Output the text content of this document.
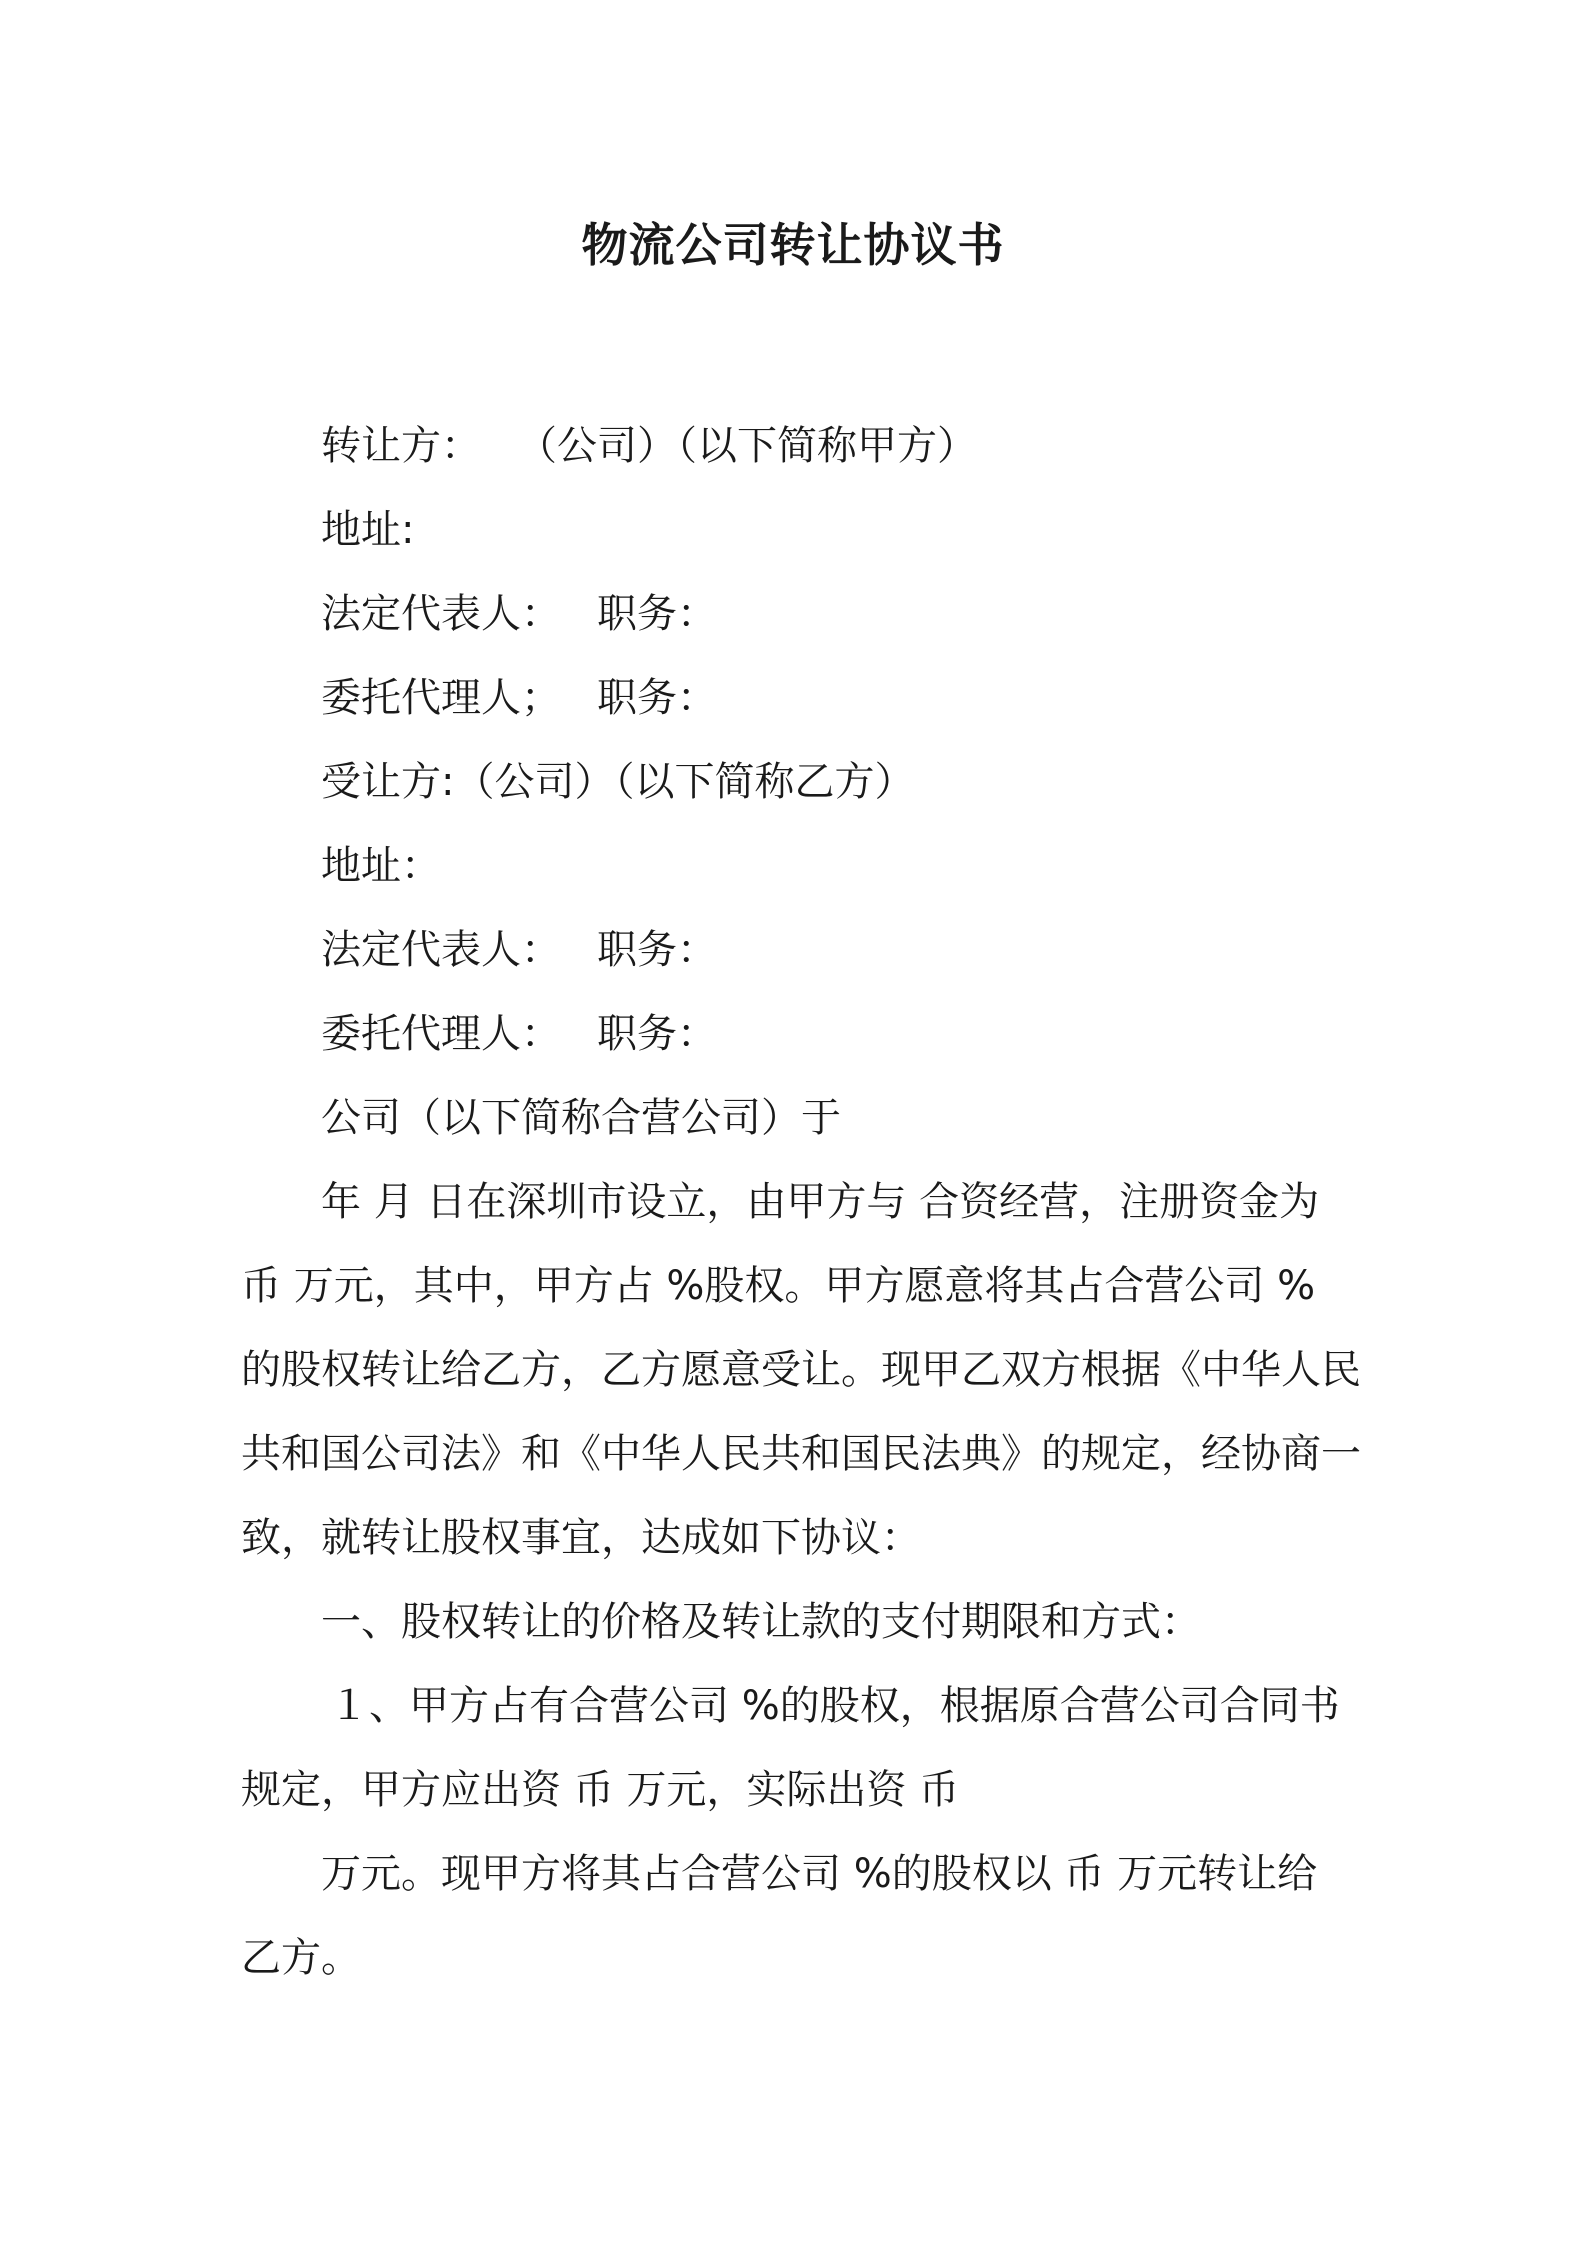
物流公司转让协议书
转让方： （公司）（以下简称甲方）
地址:
法定代表人： 职务：
委托代理人； 职务：
受让方:（公司）（以下简称乙方）
地址：
法定代表人： 职务：
委托代理人： 职务：
公司（以下简称合营公司）于
年 月 日在深圳市设立，由甲方与 合资经营，注册资金为
币 万元，其中，甲方占 %股权。甲方愿意将其占合营公司 %
的股权转让给乙方，乙方愿意受让。现甲乙双方根据《中华人民
共和国公司法》和《中华人民共和国民法典》的规定，经协商一
致，就转让股权事宜，达成如下协议：
一、股权转让的价格及转让款的支付期限和方式：
１、甲方占有合营公司 %的股权，根据原合营公司合同书
规定，甲方应出资 币 万元，实际出资 币
万元。现甲方将其占合营公司 %的股权以 币 万元转让给
乙方。
